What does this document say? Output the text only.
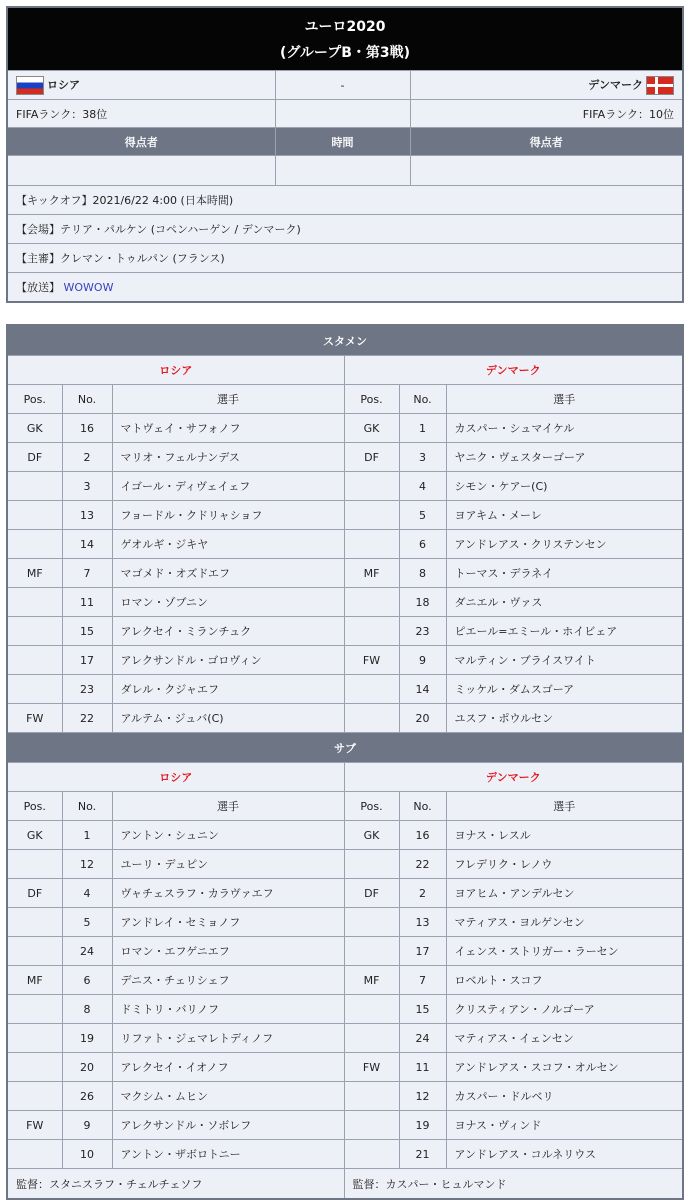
ユーロ2020
(グループB・第3戦)		

ロシア	-	デンマーク
FIFAランク：38位		FIFAランク：10位
得点者	時間	得点者

【キックオフ】2021/6/22 4:00 (日本時間)		
【会場】テリア・パルケン (コペンハーゲン / デンマーク)		
【主審】クレマン・トゥルパン (フランス)		
【放送】 WOWOW		
スタメン					
ロシア			デンマーク		
Pos.	No.	選手	Pos.	No.	選手
GK	16	マトヴェイ・サフォノフ	GK	1	カスパー・シュマイケル
DF	2	マリオ・フェルナンデス	DF	3	ヤニク・ヴェスターゴーア
	3	イゴール・ディヴェイェフ		4	シモン・ケアー(C)
	13	フョードル・クドリャショフ		5	ヨアキム・メーレ
	14	ゲオルギ・ジキヤ		6	アンドレアス・クリステンセン
MF	7	マゴメド・オズドエフ	MF	8	トーマス・デラネイ
	11	ロマン・ゾブニン		18	ダニエル・ヴァス
	15	アレクセイ・ミランチュク		23	ピエール=エミール・ホイビェア
	17	アレクサンドル・ゴロヴィン	FW	9	マルティン・ブライスワイト
	23	ダレル・クジャエフ		14	ミッケル・ダムスゴーア
FW	22	アルテム・ジュバ(C)		20	ユスフ・ポウルセン
サブ					
ロシア			デンマーク		
Pos.	No.	選手	Pos.	No.	選手
GK	1	アントン・シュニン	GK	16	ヨナス・レスル
	12	ユーリ・デュピン		22	フレデリク・レノウ
DF	4	ヴャチェスラフ・カラヴァエフ	DF	2	ヨアヒム・アンデルセン
	5	アンドレイ・セミョノフ		13	マティアス・ヨルゲンセン
	24	ロマン・エフゲニエフ		17	イェンス・ストリガー・ラーセン
MF	6	デニス・チェリシェフ	MF	7	ロベルト・スコフ
	8	ドミトリ・バリノフ		15	クリスティアン・ノルゴーア
	19	リファト・ジェマレトディノフ		24	マティアス・イェンセン
	20	アレクセイ・イオノフ	FW	11	アンドレアス・スコフ・オルセン
	26	マクシム・ムヒン		12	カスパー・ドルベリ
FW	9	アレクサンドル・ソボレフ		19	ヨナス・ヴィンド
	10	アントン・ザボロトニー		21	アンドレアス・コルネリウス
監督：スタニスラフ・チェルチェソフ			監督：カスパー・ヒュルマンド		
